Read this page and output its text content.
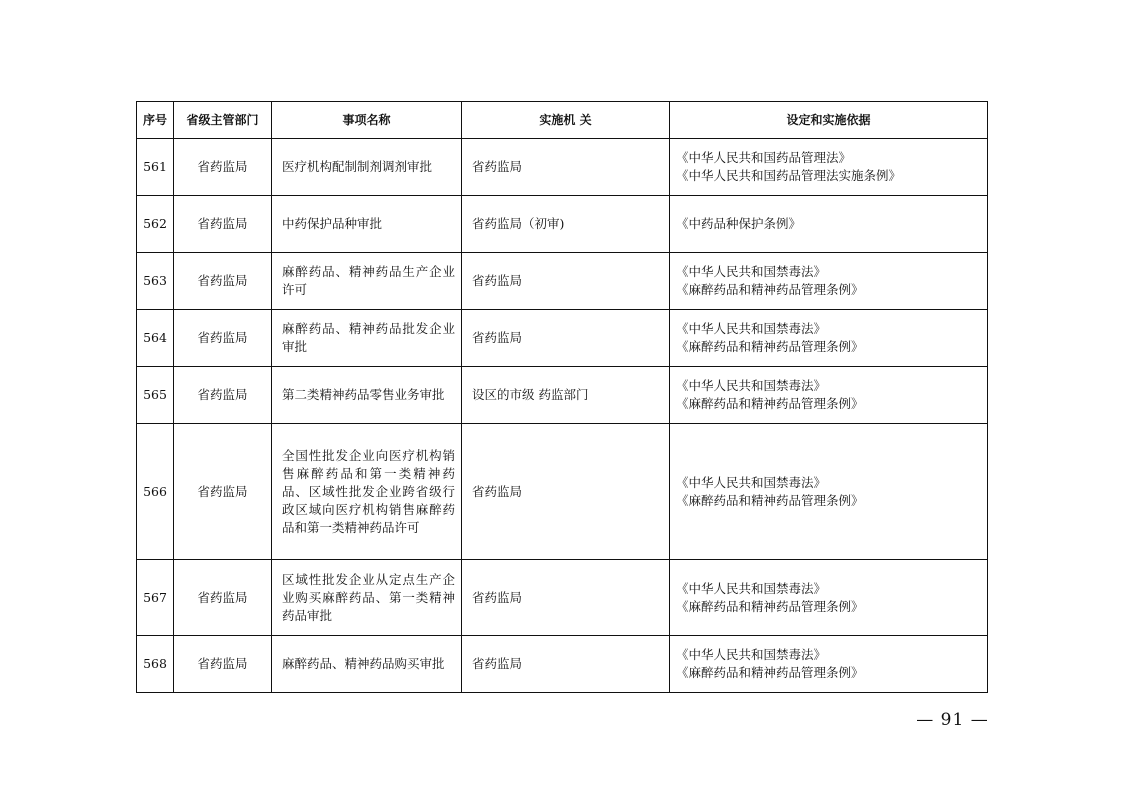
序号	省级主管部门	事项名称	实施机 关	设定和实施依据
561	省药监局	医疗机构配制制剂调剂审批	省药监局	《中华人民共和国药品管理法》
《中华人民共和国药品管理法实施条例》

562	省药监局	中药保护品种审批	省药监局（初审)	《中药品种保护条例》

563	省药监局	麻醉药品、精神药品生产企业许可	省药监局	《中华人民共和国禁毒法》
《麻醉药品和精神药品管理条例》

564	省药监局	麻醉药品、精神药品批发企业审批	省药监局	《中华人民共和国禁毒法》
《麻醉药品和精神药品管理条例》

565	省药监局	第二类精神药品零售业务审批	设区的市级 药监部门	《中华人民共和国禁毒法》
《麻醉药品和精神药品管理条例》

566	省药监局	全国性批发企业向医疗机构销售麻醉药品和第一类精神药品、区域性批发企业跨省级行政区域向医疗机构销售麻醉药品和第一类精神药品许可	省药监局	《中华人民共和国禁毒法》
《麻醉药品和精神药品管理条例》

567	省药监局	区域性批发企业从定点生产企业购买麻醉药品、第一类精神药品审批	省药监局	《中华人民共和国禁毒法》
《麻醉药品和精神药品管理条例》

568	省药监局	麻醉药品、精神药品购买审批	省药监局	《中华人民共和国禁毒法》
《麻醉药品和精神药品管理条例》
— 91 —
